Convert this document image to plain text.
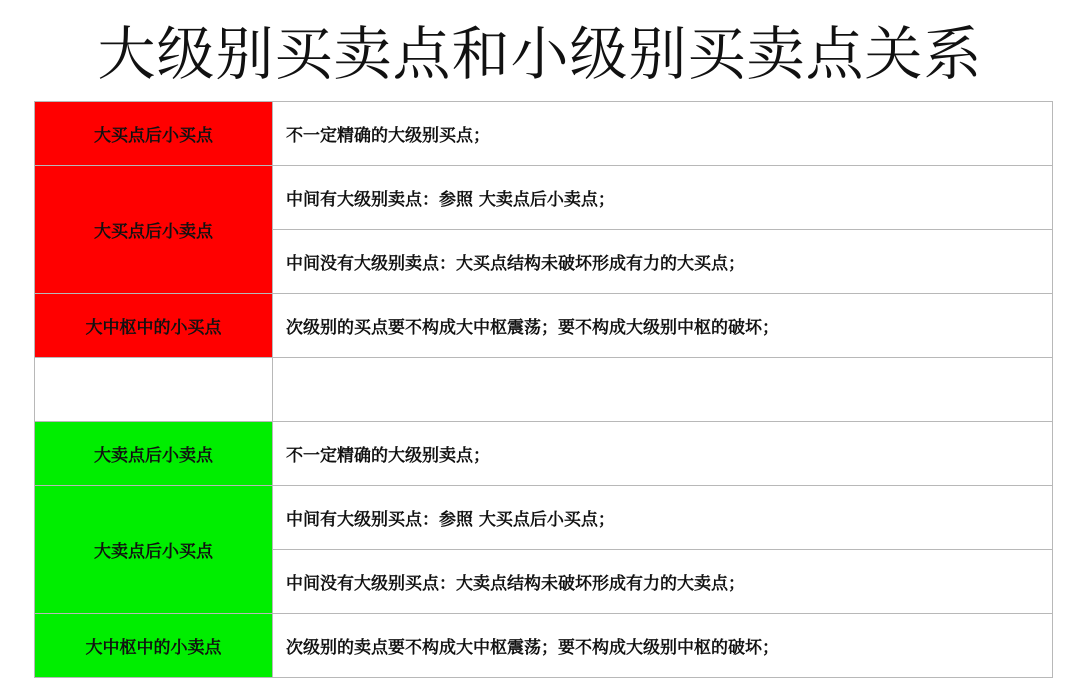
大级别买卖点和小级别买卖点关系
大买点后小买点	不一定精确的大级别买点；
大买点后小卖点	中间有大级别卖点：参照 大卖点后小卖点；
	中间没有大级别卖点：大买点结构未破坏形成有力的大买点；
大中枢中的小买点	次级别的买点要不构成大中枢震荡；要不构成大级别中枢的破坏；

大卖点后小卖点	不一定精确的大级别卖点；
大卖点后小买点	中间有大级别买点：参照 大买点后小买点；
	中间没有大级别买点：大卖点结构未破坏形成有力的大卖点；
大中枢中的小卖点	次级别的卖点要不构成大中枢震荡；要不构成大级别中枢的破坏；
